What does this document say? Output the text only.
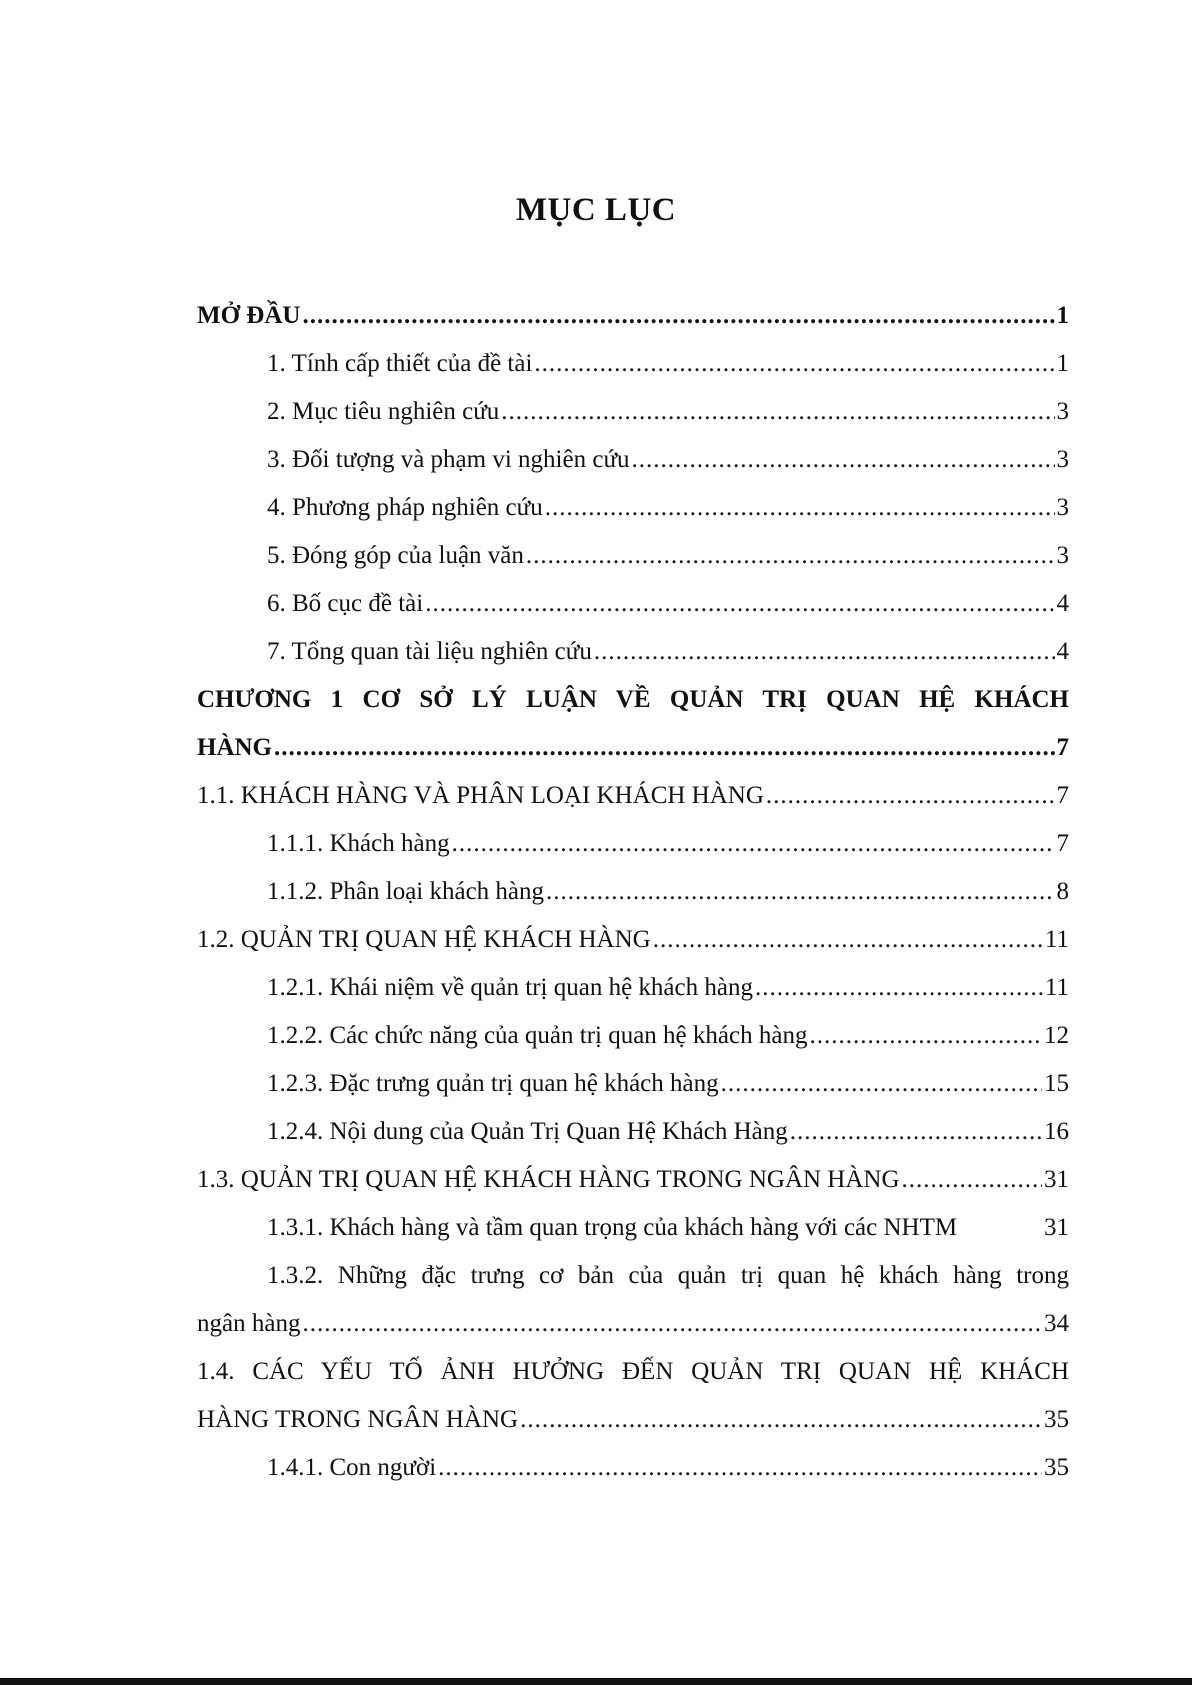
MỤC LỤC
MỞ ĐẦU .....	1
1. Tính cấp thiết của đề tài .....	1
2. Mục tiêu nghiên cứu .....	3
3. Đối tượng và phạm vi nghiên cứu .....	3
4. Phương pháp nghiên cứu .....	3
5. Đóng góp của luận văn .....	3
6. Bố cục đề tài .....	4
7. Tổng quan tài liệu nghiên cứu .....	4
CHƯƠNG 1 CƠ SỞ LÝ LUẬN VỀ QUẢN TRỊ QUAN HỆ KHÁCH
HÀNG .....	7
1.1. KHÁCH HÀNG VÀ PHÂN LOẠI KHÁCH HÀNG .....	7
1.1.1. Khách hàng .....	7
1.1.2. Phân loại khách hàng .....	8
1.2. QUẢN TRỊ QUAN HỆ KHÁCH HÀNG .....	11
1.2.1. Khái niệm về quản trị quan hệ khách hàng .....	11
1.2.2. Các chức năng của quản trị quan hệ khách hàng .....	12
1.2.3. Đặc trưng quản trị quan hệ khách hàng .....	15
1.2.4. Nội dung của Quản Trị Quan Hệ Khách Hàng .....	16
1.3. QUẢN TRỊ QUAN HỆ KHÁCH HÀNG TRONG NGÂN HÀNG .....	31
1.3.1. Khách hàng và tầm quan trọng của khách hàng với các NHTM	31
1.3.2. Những đặc trưng cơ bản của quản trị quan hệ khách hàng trong
ngân hàng .....	34
1.4. CÁC YẾU TỐ ẢNH HƯỞNG ĐẾN QUẢN TRỊ QUAN HỆ KHÁCH
HÀNG TRONG NGÂN HÀNG .....	35
1.4.1. Con người .....	35
